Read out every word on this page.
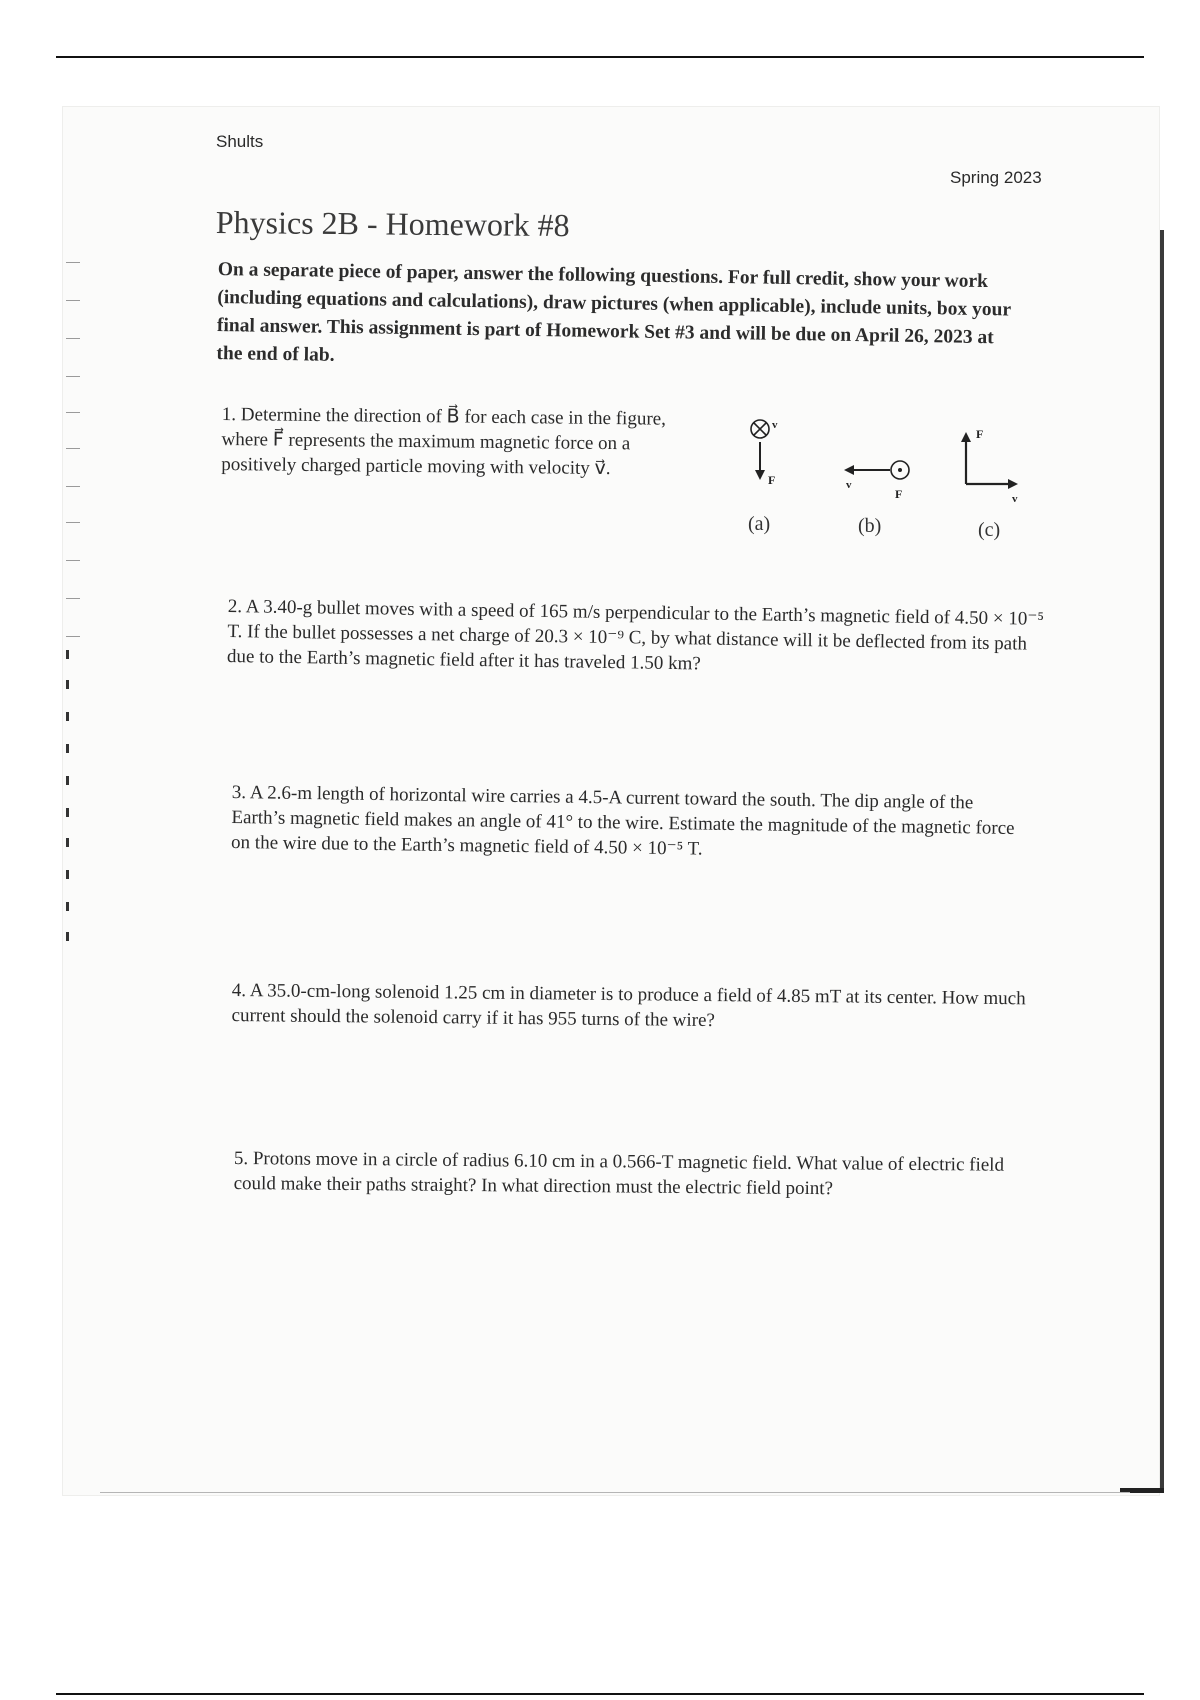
Shults
Spring 2023
Physics 2B - Homework #8
On a separate piece of paper, answer the following questions. For full credit, show your work (including equations and calculations), draw pictures (when applicable), include units, box your final answer. This assignment is part of Homework Set #3 and will be due on April 26, 2023 at the end of lab.
1. Determine the direction of B⃗ for each case in the figure, where F⃗ represents the maximum magnetic force on a positively charged particle moving with velocity v⃗.
v⃗
F⃗
(a)
v⃗
F⃗
(b)
F⃗
v⃗
(c)
2. A 3.40-g bullet moves with a speed of 165 m/s perpendicular to the Earth’s magnetic field of 4.50 × 10⁻⁵ T. If the bullet possesses a net charge of 20.3 × 10⁻⁹ C, by what distance will it be deflected from its path due to the Earth’s magnetic field after it has traveled 1.50 km?
3. A 2.6-m length of horizontal wire carries a 4.5-A current toward the south. The dip angle of the Earth’s magnetic field makes an angle of 41° to the wire. Estimate the magnitude of the magnetic force on the wire due to the Earth’s magnetic field of 4.50 × 10⁻⁵ T.
4. A 35.0-cm-long solenoid 1.25 cm in diameter is to produce a field of 4.85 mT at its center. How much current should the solenoid carry if it has 955 turns of the wire?
5. Protons move in a circle of radius 6.10 cm in a 0.566-T magnetic field. What value of electric field could make their paths straight? In what direction must the electric field point?
